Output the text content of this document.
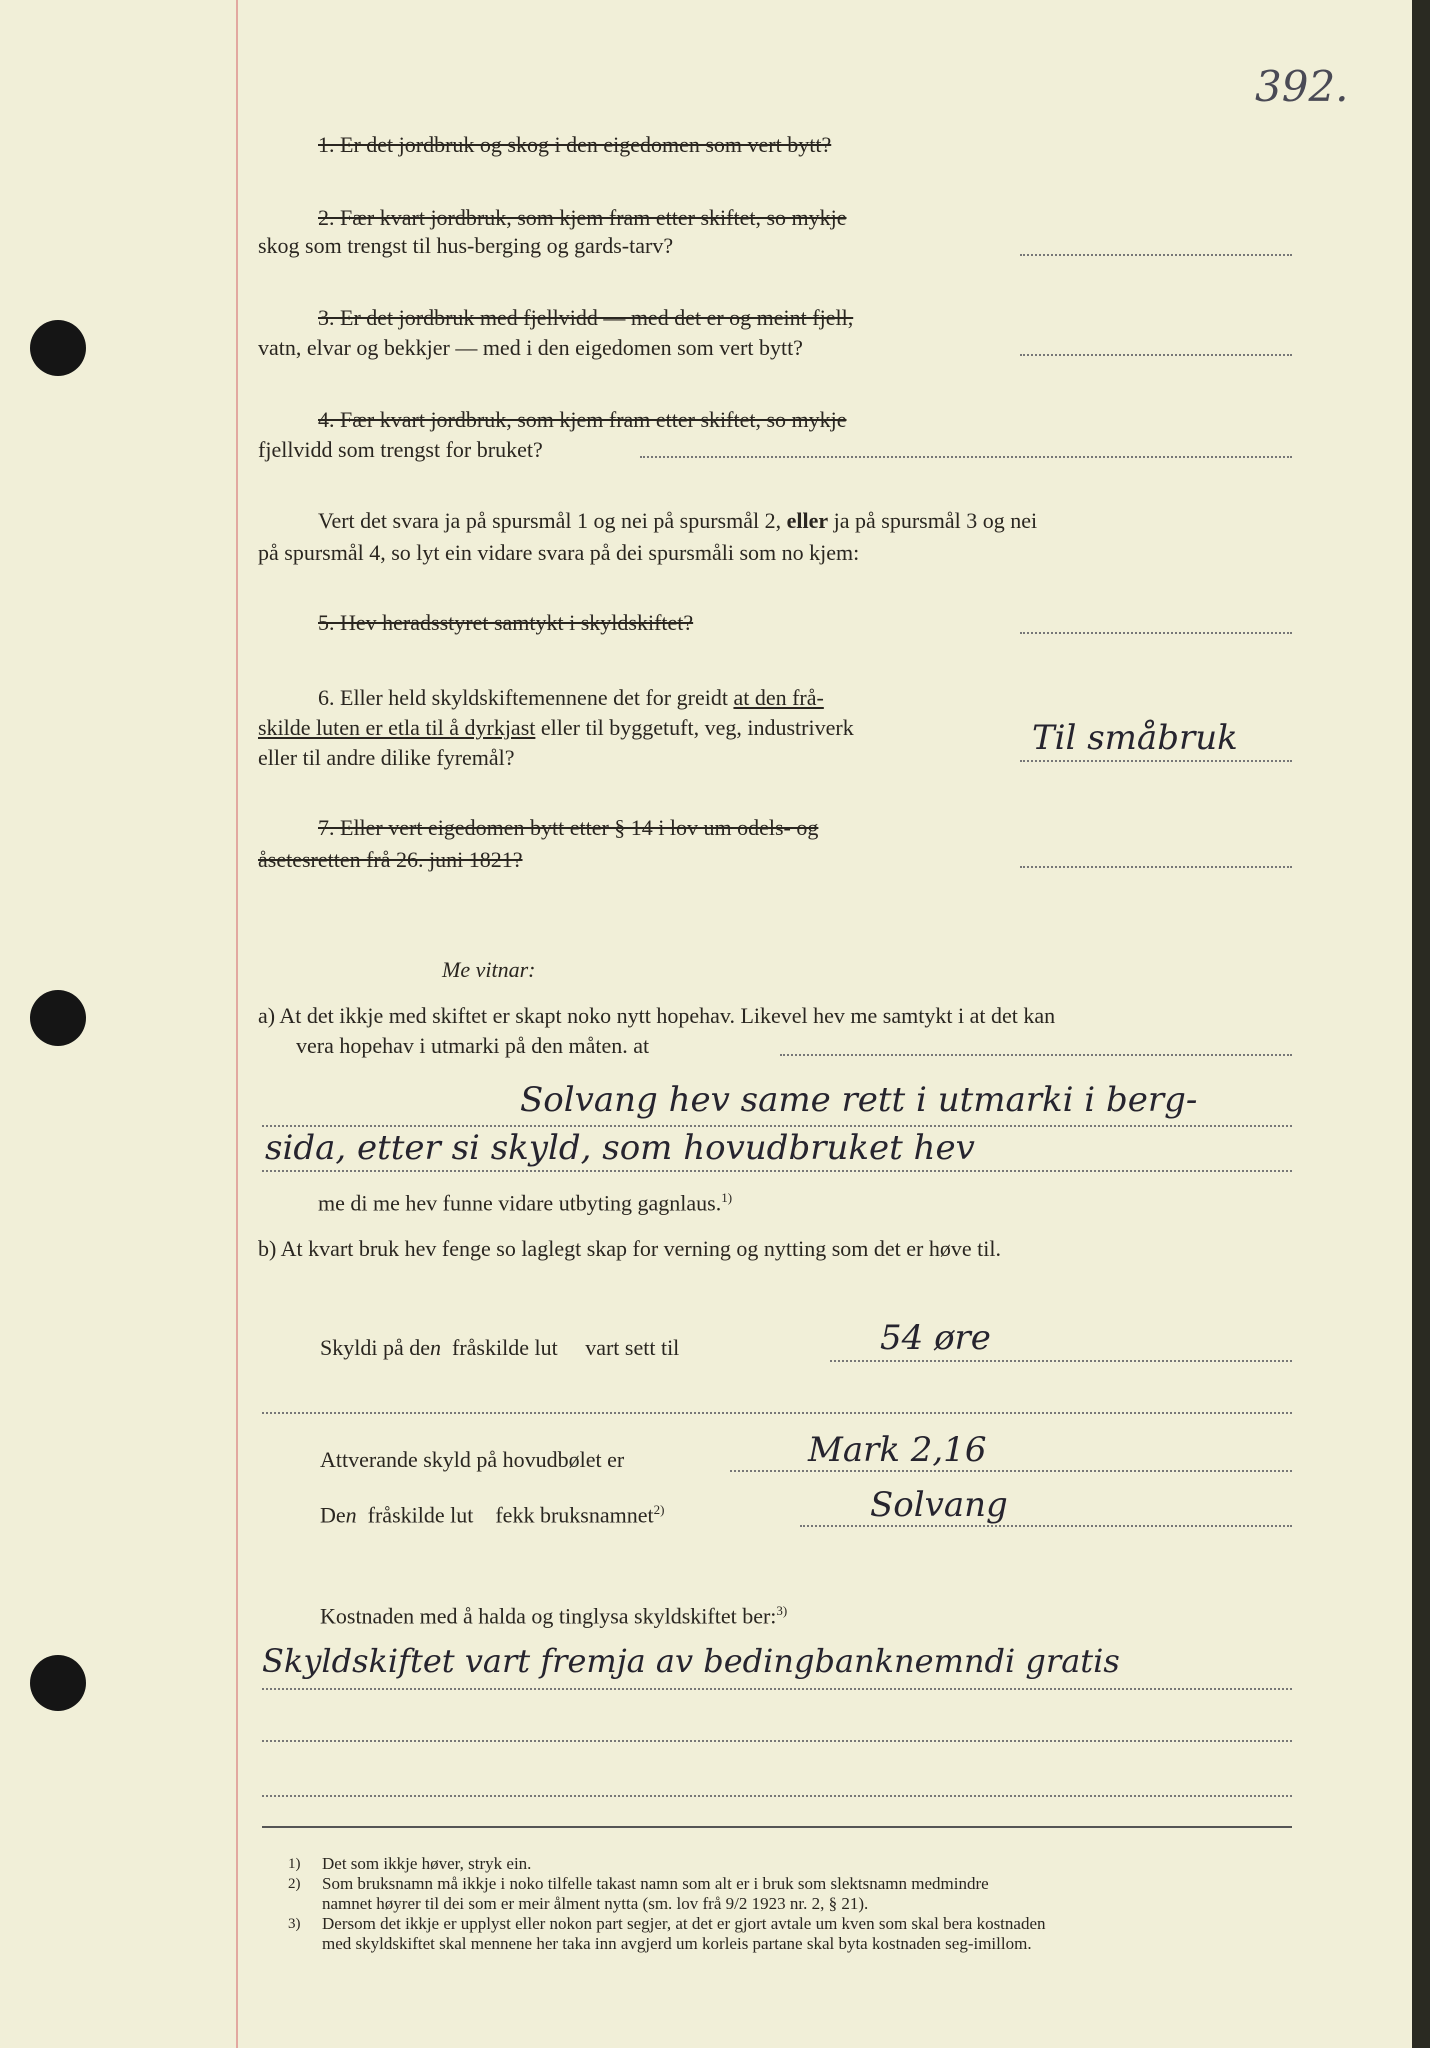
392.
1. Er det jordbruk og skog i den eigedomen som vert bytt?
2. Fær kvart jordbruk, som kjem fram etter skiftet, so mykje
skog som trengst til hus-berging og gards-tarv?
3. Er det jordbruk med fjellvidd — med det er og meint fjell,
vatn, elvar og bekkjer — med i den eigedomen som vert bytt?
4. Fær kvart jordbruk, som kjem fram etter skiftet, so mykje
fjellvidd som trengst for bruket?
Vert det svara ja på spursmål 1 og nei på spursmål 2, eller ja på spursmål 3 og nei
på spursmål 4, so lyt ein vidare svara på dei spursmåli som no kjem:
5. Hev heradsstyret samtykt i skyldskiftet?
6. Eller held skyldskiftemennene det for greidt at den frå-
skilde luten er etla til å dyrkjast eller til byggetuft, veg, industriverk
eller til andre dilike fyremål?	Til småbruk
7. Eller vert eigedomen bytt etter § 14 i lov um odels- og
åsetesretten frå 26. juni 1821?
Me vitnar:
a) At det ikkje med skiftet er skapt noko nytt hopehav. Likevel hev me samtykt i at det kan
vera hopehav i utmarki på den måten. at
Solvang hev same rett i utmarki i berg-
sida, etter si skyld, som hovudbruket hev
me di me hev funne vidare utbyting gagnlaus.$^{1)}$
b) At kvart bruk hev fenge so laglegt skap for verning og nytting som det er høve til.
Skyldi på den fråskilde lut vart sett til	54 øre
Attverande skyld på hovudbølet er	Mark 2,16
Den fråskilde lut fekk bruksnamnet$^{2)}$	Solvang
Kostnaden med å halda og tinglysa skyldskiftet ber:$^{3)}$
Skyldskiftet vart fremja av bedingbanknemndi gratis
1) Det som ikkje høver, stryk ein.
2) Som bruksnamn må ikkje i noko tilfelle takast namn som alt er i bruk som slektsnamn medmindre
namnet høyrer til dei som er meir ålment nytta (sm. lov frå 9/2 1923 nr. 2, § 21).
3) Dersom det ikkje er upplyst eller nokon part segjer, at det er gjort avtale um kven som skal bera kostnaden
med skyldskiftet skal mennene her taka inn avgjerd um korleis partane skal byta kostnaden seg-imillom.
